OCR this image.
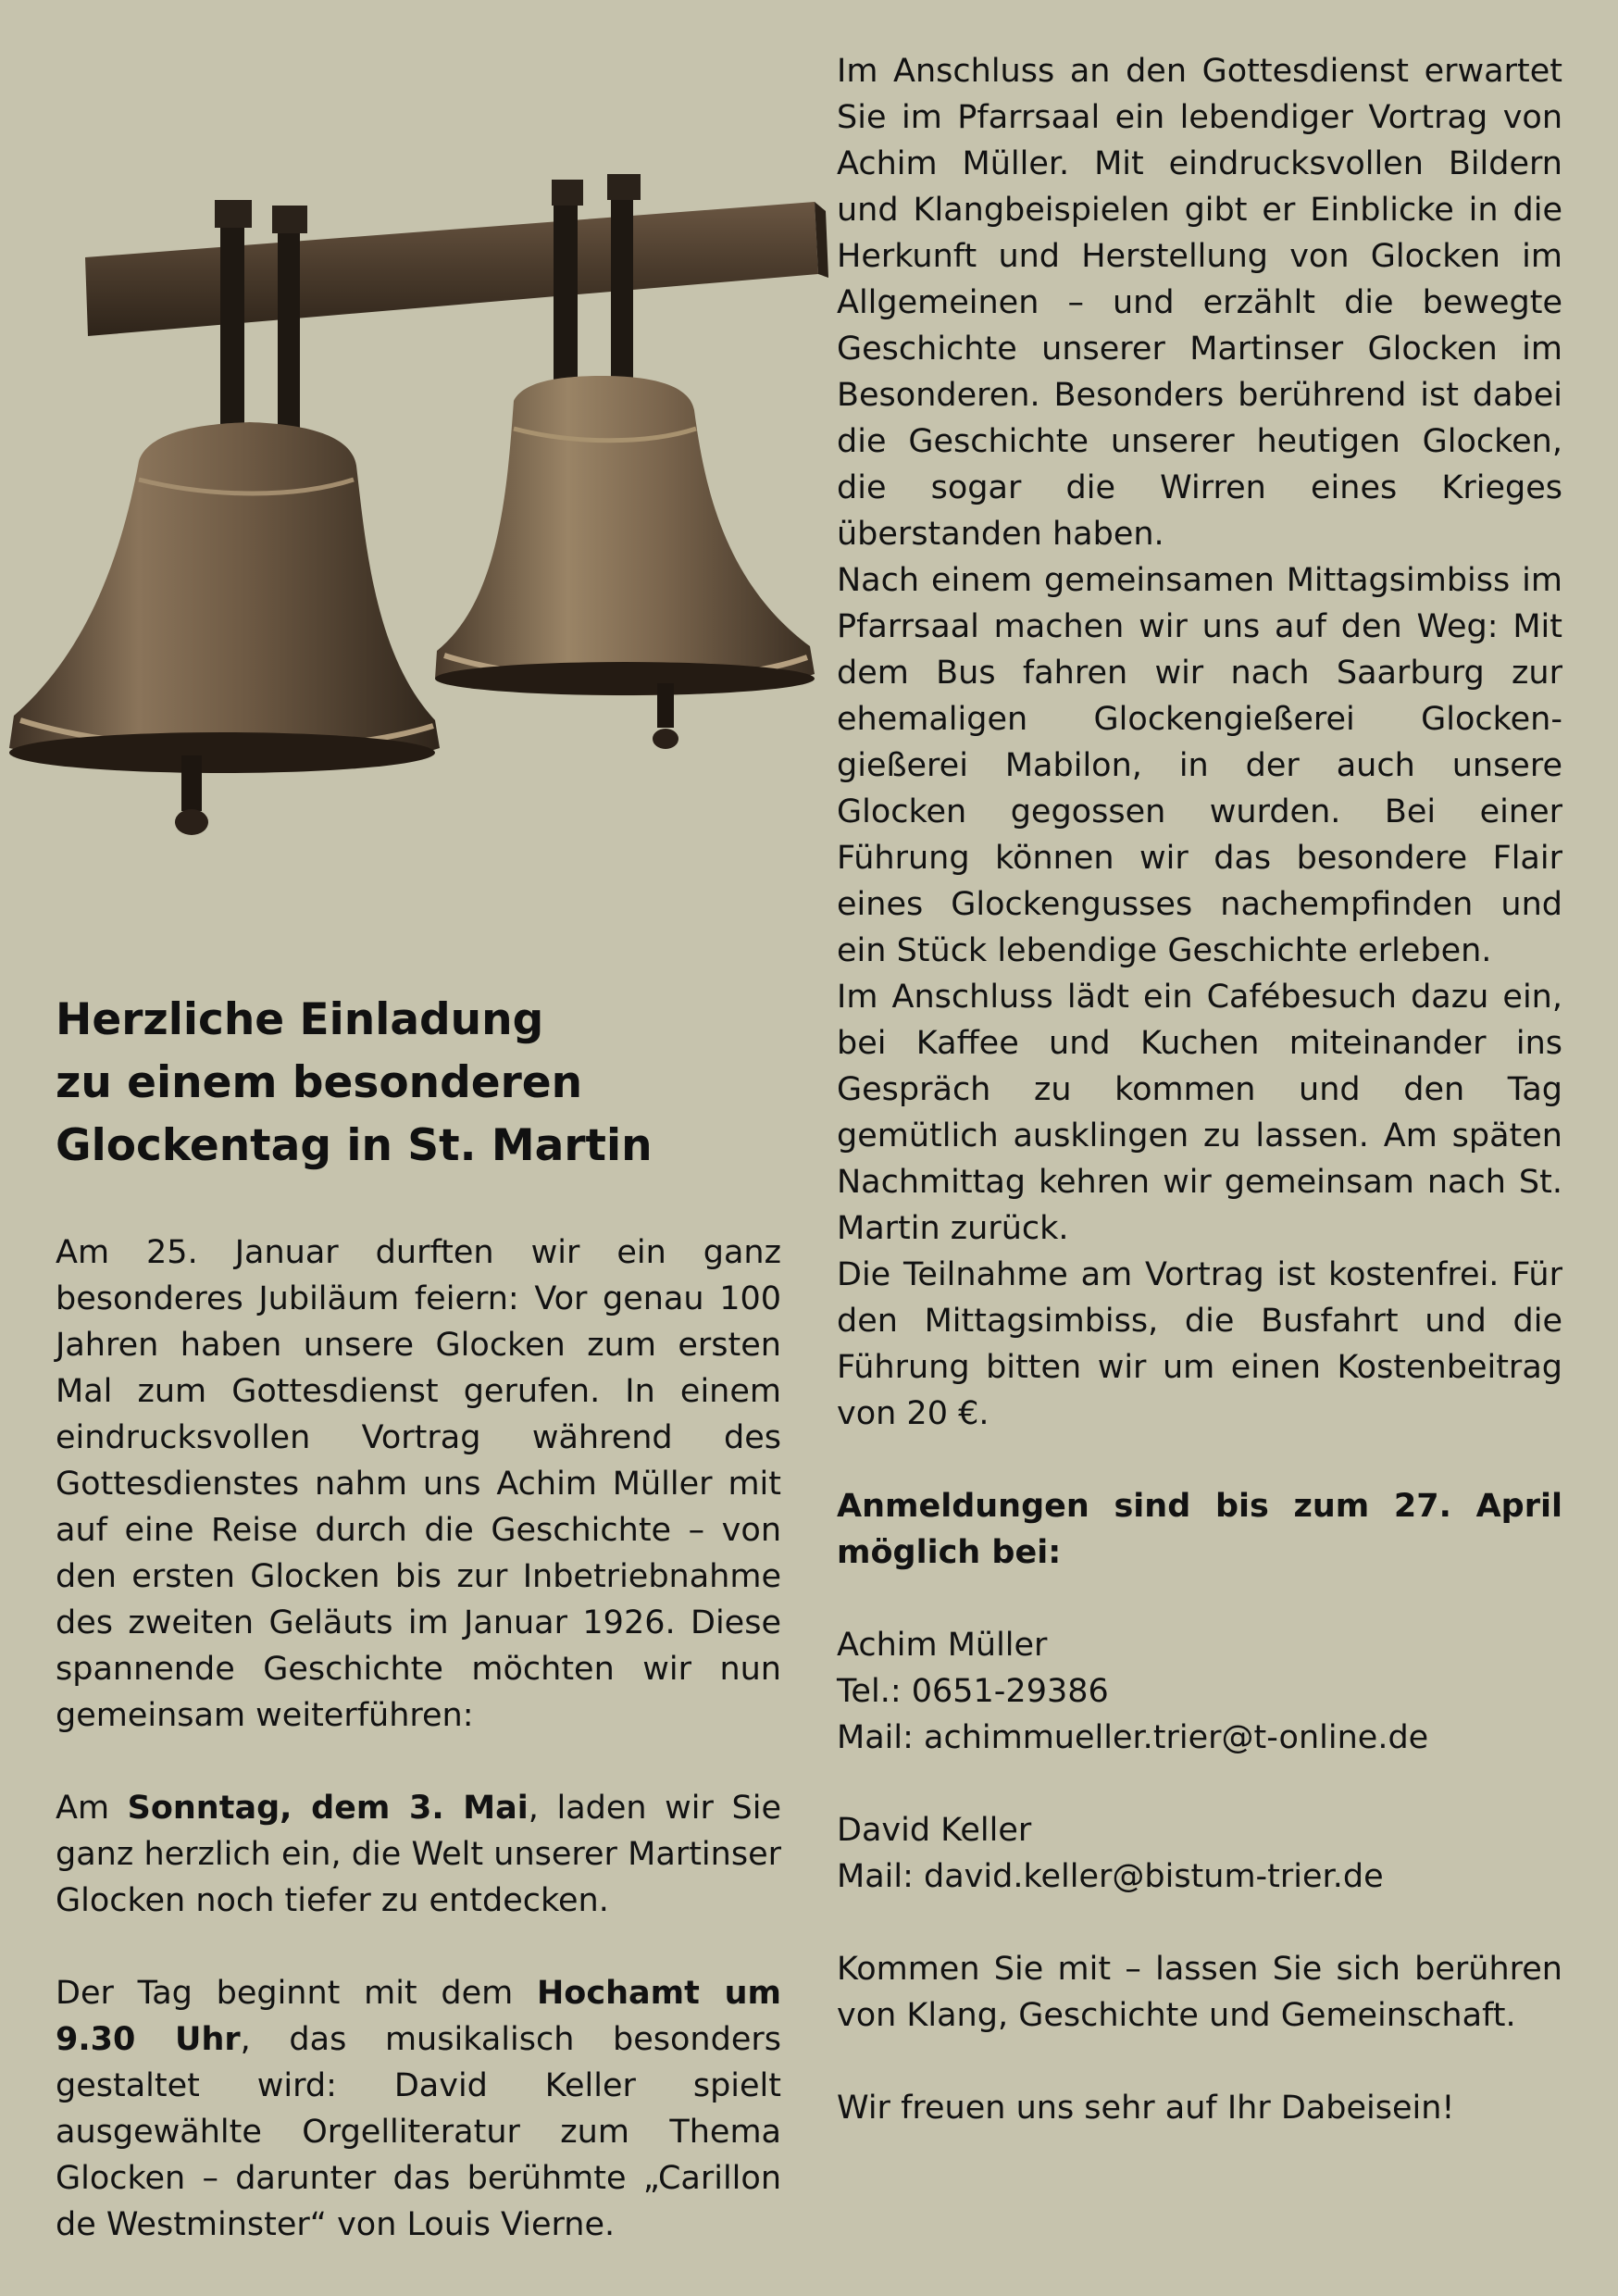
Herzliche Einladung
zu einem besonderen
Glockentag in St. Martin

Am 25. Januar durften wir ein ganz besonderes Jubiläum feiern: Vor genau 100 Jahren haben unsere Glocken zum ersten Mal zum Gottesdienst gerufen. In einem eindrucksvollen Vortrag während des Gottesdienstes nahm uns Achim Müller mit auf eine Reise durch die Geschichte – von den ersten Glocken bis zur Inbetriebnahme des zweiten Geläuts im Januar 1926. Diese spannende Geschichte möchten wir nun gemeinsam weiterführen:

Am Sonntag, dem 3. Mai, laden wir Sie ganz herzlich ein, die Welt unserer Martinser Glocken noch tiefer zu entdecken.

Der Tag beginnt mit dem Hochamt um 9.30 Uhr, das musikalisch besonders gestaltet wird: David Keller spielt ausgewählte Orgelliteratur zum Thema Glocken – darunter das berühmte „Carillon de Westminster“ von Louis Vierne.

Im Anschluss an den Gottesdienst erwartet Sie im Pfarrsaal ein lebendiger Vortrag von Achim Müller. Mit eindrucksvollen Bildern und Klangbeispielen gibt er Einblicke in die Herkunft und Herstellung von Glocken im Allgemeinen – und erzählt die bewegte Geschichte unserer Martinser Glocken im Besonderen. Besonders berührend ist dabei die Geschichte unserer heutigen Glocken, die sogar die Wirren eines Krieges überstanden haben.

Nach einem gemeinsamen Mittagsimbiss im Pfarrsaal machen wir uns auf den Weg: Mit dem Bus fahren wir nach Saarburg zur ehemaligen Glockengießerei Glockengießerei Mabilon, in der auch unsere Glocken gegossen wurden. Bei einer Führung können wir das besondere Flair eines Glockengusses nachempfinden und ein Stück lebendige Geschichte erleben.

Im Anschluss lädt ein Cafébesuch dazu ein, bei Kaffee und Kuchen miteinander ins Gespräch zu kommen und den Tag gemütlich ausklingen zu lassen. Am späten Nachmittag kehren wir gemeinsam nach St. Martin zurück.

Die Teilnahme am Vortrag ist kostenfrei. Für den Mittagsimbiss, die Busfahrt und die Führung bitten wir um einen Kostenbeitrag von 20 €.

Anmeldungen sind bis zum 27. April möglich bei:

Achim Müller

Tel.: 0651-29386

Mail: achimmueller.trier@t-online.de

David Keller

Mail: david.keller@bistum-trier.de

Kommen Sie mit – lassen Sie sich berühren von Klang, Geschichte und Gemeinschaft.

Wir freuen uns sehr auf Ihr Dabeisein!
